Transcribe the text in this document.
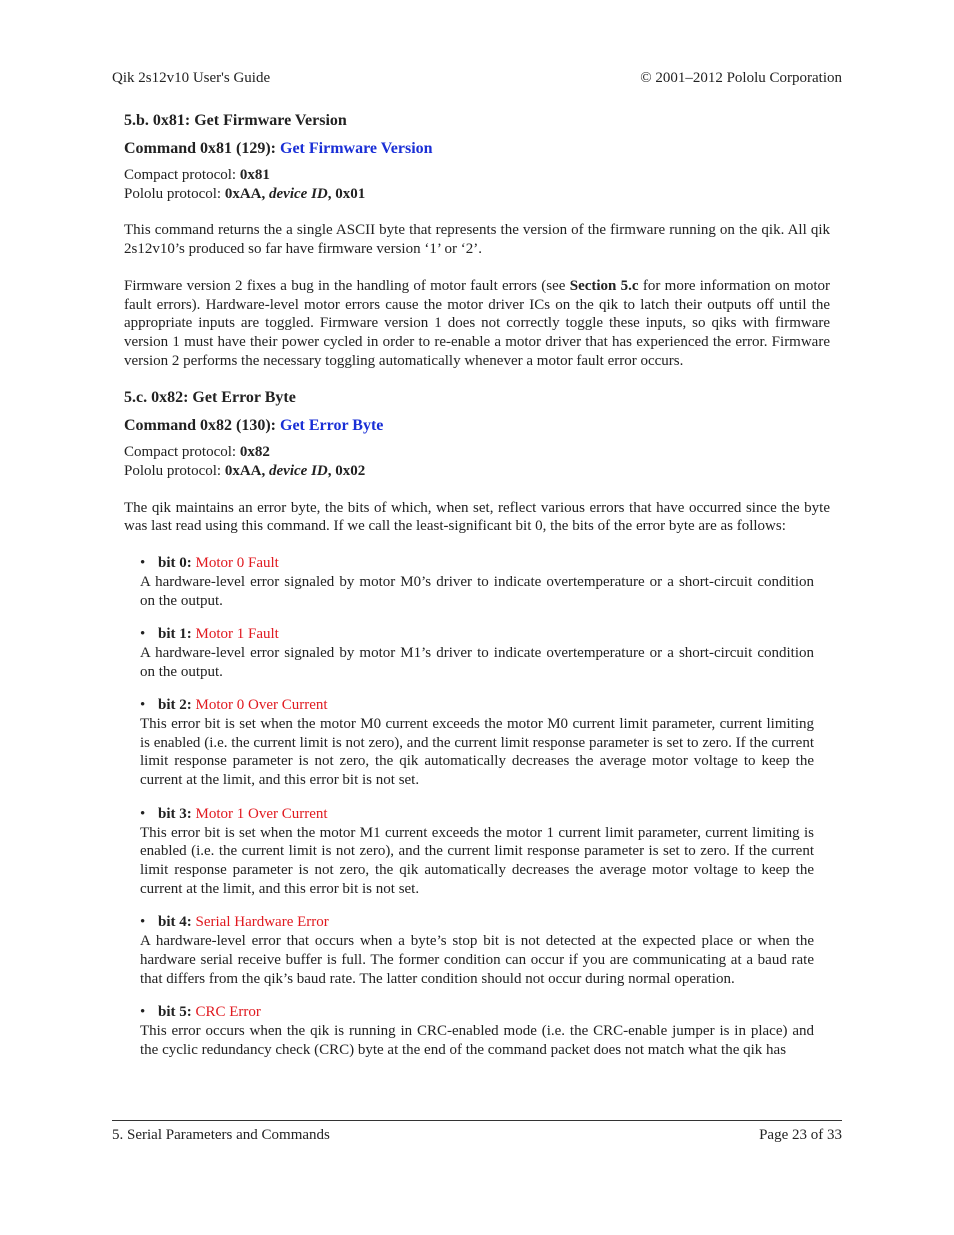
Qik 2s12v10 User's Guide	© 2001–2012 Pololu Corporation
5.b. 0x81: Get Firmware Version
Command 0x81 (129): Get Firmware Version

Compact protocol: 0x81

Pololu protocol: 0xAA, device ID, 0x01

This command returns the a single ASCII byte that represents the version of the firmware running on the qik. All qik 2s12v10’s produced so far have firmware version ‘1’ or ‘2’.

Firmware version 2 fixes a bug in the handling of motor fault errors (see Section 5.c for more information on motor fault errors). Hardware-level motor errors cause the motor driver ICs on the qik to latch their outputs off until the appropriate inputs are toggled. Firmware version 1 does not correctly toggle these inputs, so qiks with firmware version 1 must have their power cycled in order to re-enable a motor driver that has experienced the error. Firmware version 2 performs the necessary toggling automatically whenever a motor fault error occurs.

5.c. 0x82: Get Error Byte
Command 0x82 (130): Get Error Byte

Compact protocol: 0x82

Pololu protocol: 0xAA, device ID, 0x02

The qik maintains an error byte, the bits of which, when set, reflect various errors that have occurred since the byte was last read using this command. If we call the least-significant bit 0, the bits of the error byte are as follows:

• bit 0: Motor 0 Fault

A hardware-level error signaled by motor M0’s driver to indicate overtemperature or a short-circuit condition on the output.

• bit 1: Motor 1 Fault

A hardware-level error signaled by motor M1’s driver to indicate overtemperature or a short-circuit condition on the output.

• bit 2: Motor 0 Over Current

This error bit is set when the motor M0 current exceeds the motor M0 current limit parameter, current limiting is enabled (i.e. the current limit is not zero), and the current limit response parameter is set to zero. If the current limit response parameter is not zero, the qik automatically decreases the average motor voltage to keep the current at the limit, and this error bit is not set.

• bit 3: Motor 1 Over Current

This error bit is set when the motor M1 current exceeds the motor 1 current limit parameter, current limiting is enabled (i.e. the current limit is not zero), and the current limit response parameter is set to zero. If the current limit response parameter is not zero, the qik automatically decreases the average motor voltage to keep the current at the limit, and this error bit is not set.

• bit 4: Serial Hardware Error

A hardware-level error that occurs when a byte’s stop bit is not detected at the expected place or when the hardware serial receive buffer is full. The former condition can occur if you are communicating at a baud rate that differs from the qik’s baud rate. The latter condition should not occur during normal operation.

• bit 5: CRC Error

This error occurs when the qik is running in CRC-enabled mode (i.e. the CRC-enable jumper is in place) and the cyclic redundancy check (CRC) byte at the end of the command packet does not match what the qik has

5. Serial Parameters and Commands	Page 23 of 33
